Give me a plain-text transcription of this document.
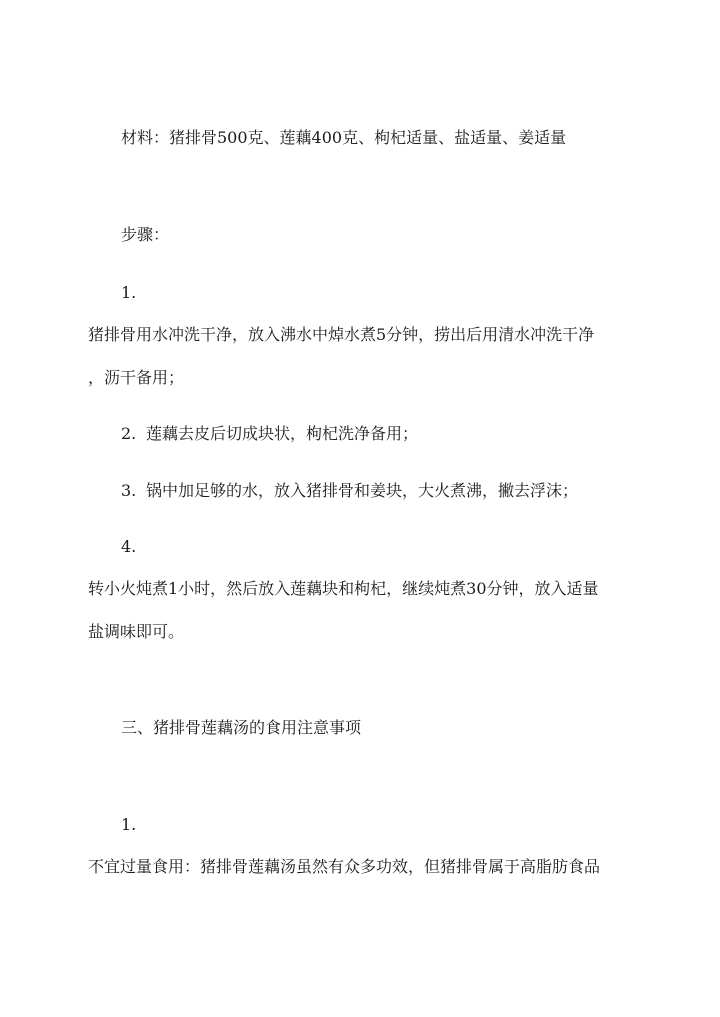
材料：猪排骨500克、莲藕400克、枸杞适量、盐适量、姜适量
步骤：
1.
猪排骨用水冲洗干净，放入沸水中焯水煮5分钟，捞出后用清水冲洗干净
，沥干备用；
2. 莲藕去皮后切成块状，枸杞洗净备用；
3. 锅中加足够的水，放入猪排骨和姜块，大火煮沸，撇去浮沫；
4.
转小火炖煮1小时，然后放入莲藕块和枸杞，继续炖煮30分钟，放入适量
盐调味即可。
三、猪排骨莲藕汤的食用注意事项
1.
不宜过量食用：猪排骨莲藕汤虽然有众多功效，但猪排骨属于高脂肪食品
